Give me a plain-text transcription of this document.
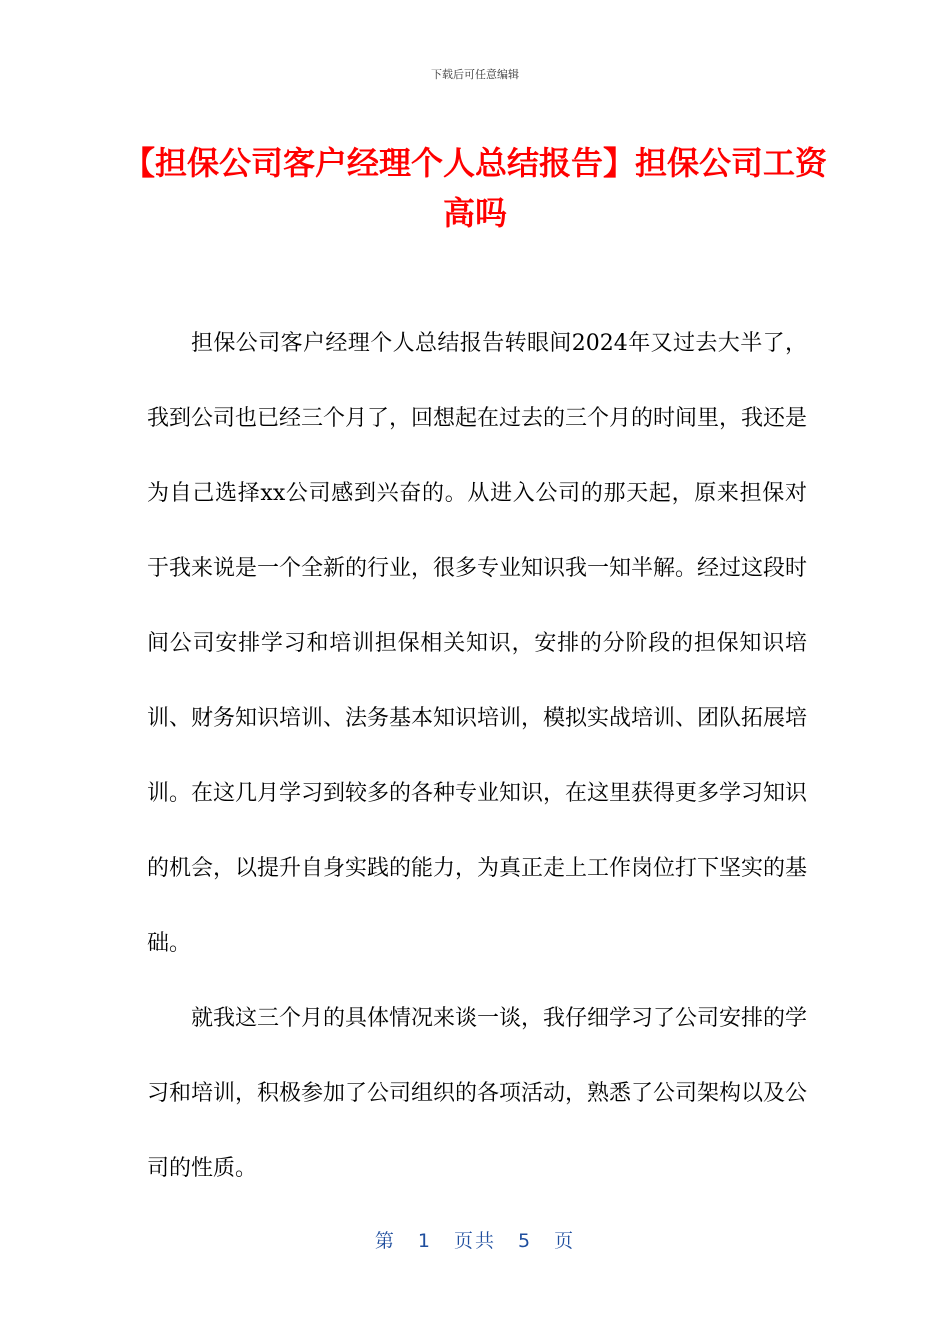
下载后可任意编辑
【担保公司客户经理个人总结报告】担保公司工资高吗

担保公司客户经理个人总结报告转眼间2024年又过去大半了，我到公司也已经三个月了，回想起在过去的三个月的时间里，我还是为自己选择xx公司感到兴奋的。从进入公司的那天起，原来担保对于我来说是一个全新的行业，很多专业知识我一知半解。经过这段时间公司安排学习和培训担保相关知识，安排的分阶段的担保知识培训、财务知识培训、法务基本知识培训，模拟实战培训、团队拓展培训。在这几月学习到较多的各种专业知识，在这里获得更多学习知识的机会，以提升自身实践的能力，为真正走上工作岗位打下坚实的基础。

就我这三个月的具体情况来谈一谈，我仔细学习了公司安排的学习和培训，积极参加了公司组织的各项活动，熟悉了公司架构以及公司的性质。

第 1 页共 5 页
